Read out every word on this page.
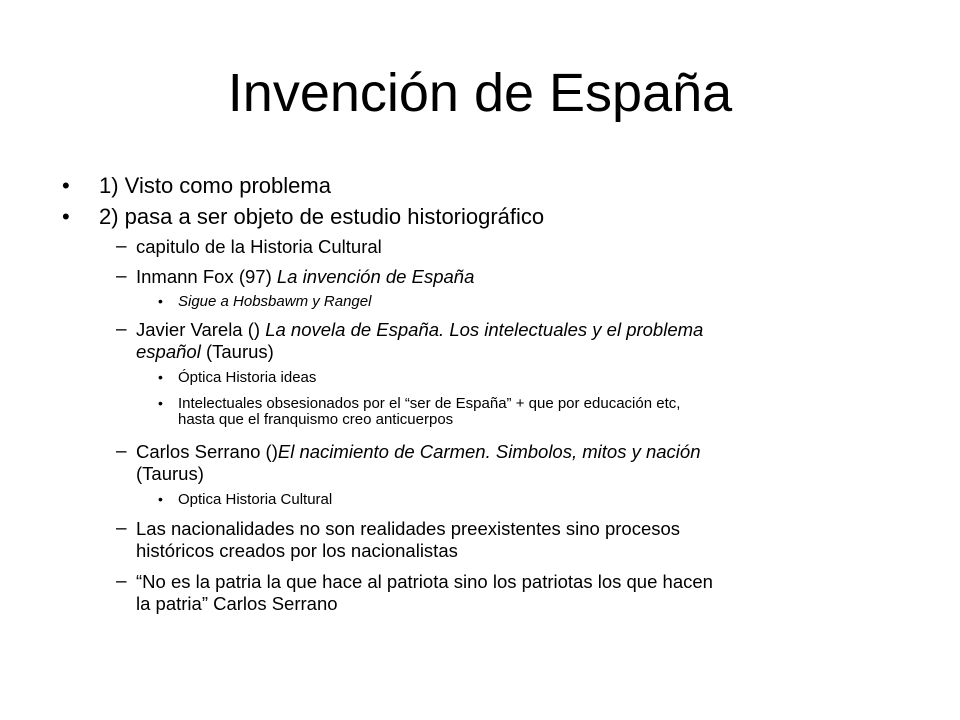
Invención de España
• 1) Visto como problema
• 2) pasa a ser objeto de estudio historiográfico
– capitulo de la Historia Cultural
– Inmann Fox (97) La invención de España
• Sigue a Hobsbawm y Rangel
– Javier Varela () La novela de España. Los intelectuales y el problema
español (Taurus)
• Óptica Historia ideas
• Intelectuales obsesionados por el “ser de España” + que por educación etc,
hasta que el franquismo creo anticuerpos
– Carlos Serrano ()El nacimiento de Carmen. Simbolos, mitos y nación
(Taurus)
• Optica Historia Cultural
– Las nacionalidades no son realidades preexistentes sino procesos
históricos creados por los nacionalistas
– “No es la patria la que hace al patriota sino los patriotas los que hacen
la patria” Carlos Serrano
